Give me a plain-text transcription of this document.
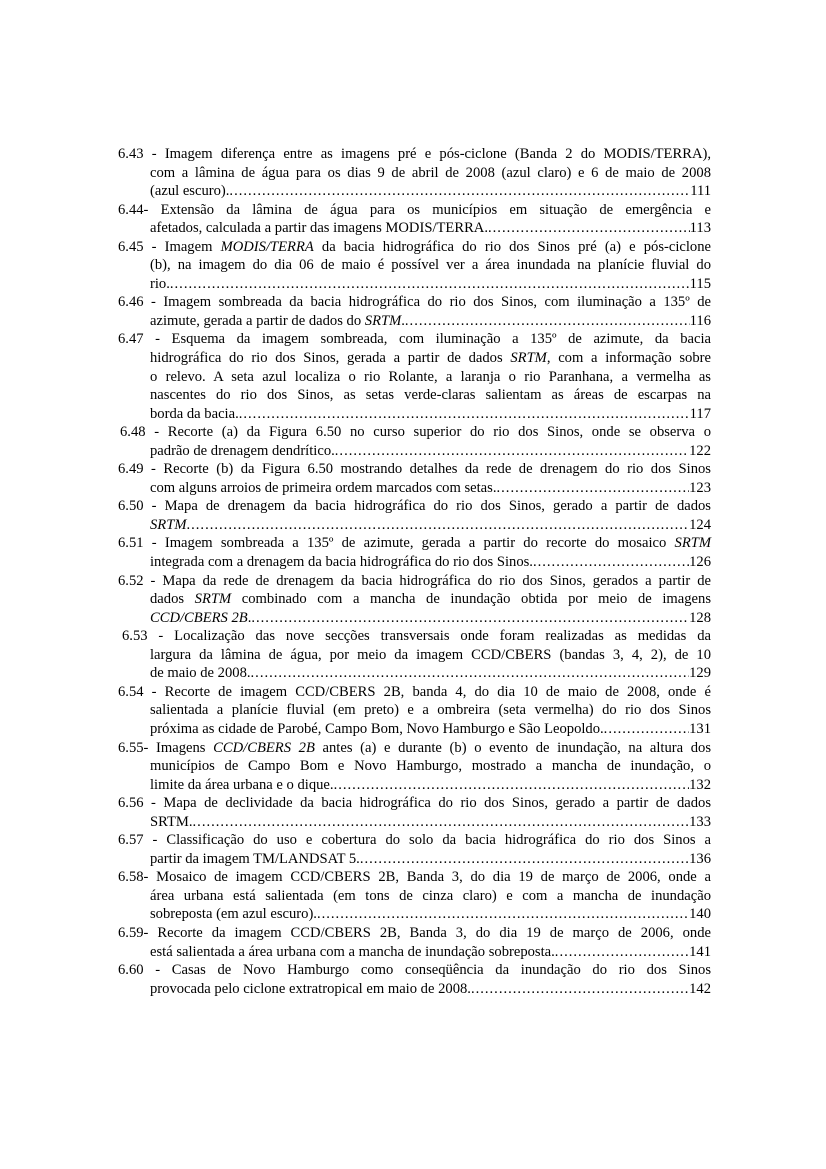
6.43 - Imagem diferença entre as imagens pré e pós-ciclone (Banda 2 do MODIS/TERRA),
com a lâmina de água para os dias 9 de abril de 2008 (azul claro) e 6 de maio de 2008
(azul escuro). .....	111
6.44- Extensão da lâmina de água para os municípios em situação de emergência e
afetados, calculada a partir das imagens MODIS/TERRA. .....	113
6.45 - Imagem MODIS/TERRA da bacia hidrográfica do rio dos Sinos pré (a) e pós-ciclone
(b), na imagem do dia 06 de maio é possível ver a área inundada na planície fluvial do
rio. .....	115
6.46 - Imagem sombreada da bacia hidrográfica do rio dos Sinos, com iluminação a 135º de
azimute, gerada a partir de dados do SRTM. .....	116
6.47 - Esquema da imagem sombreada, com iluminação a 135º de azimute, da bacia
hidrográfica do rio dos Sinos, gerada a partir de dados SRTM, com a informação sobre
o relevo. A seta azul localiza o rio Rolante, a laranja o rio Paranhana, a vermelha as
nascentes do rio dos Sinos, as setas verde-claras salientam as áreas de escarpas na
borda da bacia. .....	117
6.48 - Recorte (a) da Figura 6.50 no curso superior do rio dos Sinos, onde se observa o
padrão de drenagem dendrítico. .....	122
6.49 - Recorte (b) da Figura 6.50 mostrando detalhes da rede de drenagem do rio dos Sinos
com alguns arroios de primeira ordem marcados com setas. .....	123
6.50 - Mapa de drenagem da bacia hidrográfica do rio dos Sinos, gerado a partir de dados
SRTM .....	124
6.51 - Imagem sombreada a 135º de azimute, gerada a partir do recorte do mosaico SRTM
integrada com a drenagem da bacia hidrográfica do rio dos Sinos. .....	126
6.52 - Mapa da rede de drenagem da bacia hidrográfica do rio dos Sinos, gerados a partir de
dados SRTM combinado com a mancha de inundação obtida por meio de imagens
CCD/CBERS 2B. .....	128
6.53 - Localização das nove secções transversais onde foram realizadas as medidas da
largura da lâmina de água, por meio da imagem CCD/CBERS (bandas 3, 4, 2), de 10
de maio de 2008. .....	129
6.54 - Recorte de imagem CCD/CBERS 2B, banda 4, do dia 10 de maio de 2008, onde é
salientada a planície fluvial (em preto) e a ombreira (seta vermelha) do rio dos Sinos
próxima as cidade de Parobé, Campo Bom, Novo Hamburgo e São Leopoldo. .....	131
6.55- Imagens CCD/CBERS 2B antes (a) e durante (b) o evento de inundação, na altura dos
municípios de Campo Bom e Novo Hamburgo, mostrado a mancha de inundação, o
limite da área urbana e o dique. .....	132
6.56 - Mapa de declividade da bacia hidrográfica do rio dos Sinos, gerado a partir de dados
SRTM. .....	133
6.57 - Classificação do uso e cobertura do solo da bacia hidrográfica do rio dos Sinos a
partir da imagem TM/LANDSAT 5. .....	136
6.58- Mosaico de imagem CCD/CBERS 2B, Banda 3, do dia 19 de março de 2006, onde a
área urbana está salientada (em tons de cinza claro) e com a mancha de inundação
sobreposta (em azul escuro). .....	140
6.59- Recorte da imagem CCD/CBERS 2B, Banda 3, do dia 19 de março de 2006, onde
está salientada a área urbana com a mancha de inundação sobreposta. .....	141
6.60 - Casas de Novo Hamburgo como conseqüência da inundação do rio dos Sinos
provocada pelo ciclone extratropical em maio de 2008. .....	142
